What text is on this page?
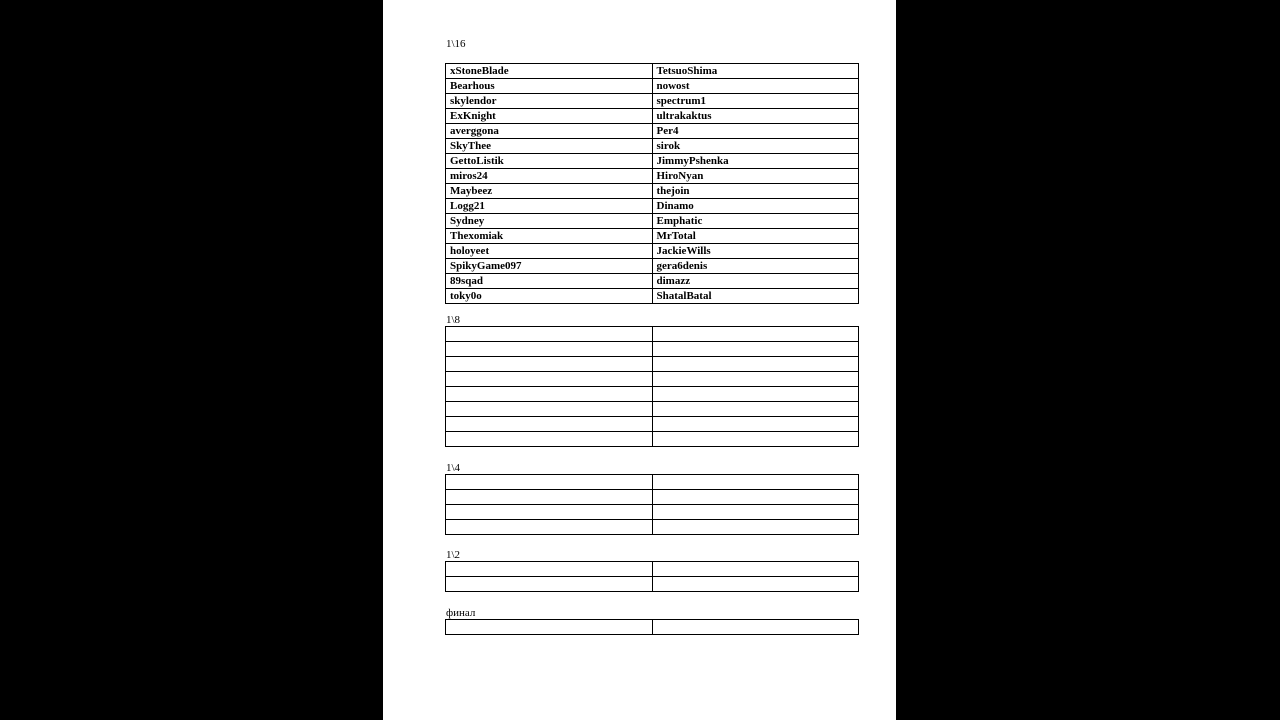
1\16
xStoneBlade	TetsuoShima
Bearhous	nowost
skylendor	spectrum1
ExKnight	ultrakaktus
averggona	Per4
SkyThee	sirok
GettoListik	JimmyPshenka
miros24	HiroNyan
Maybeez	thejoin
Logg21	Dinamo
Sydney	Emphatic
Thexomiak	MrTotal
holoyeet	JackieWills
SpikyGame097	gera6denis
89sqad	dimazz
toky0o	ShatalBatal
1\8

1\4

1\2

финал
